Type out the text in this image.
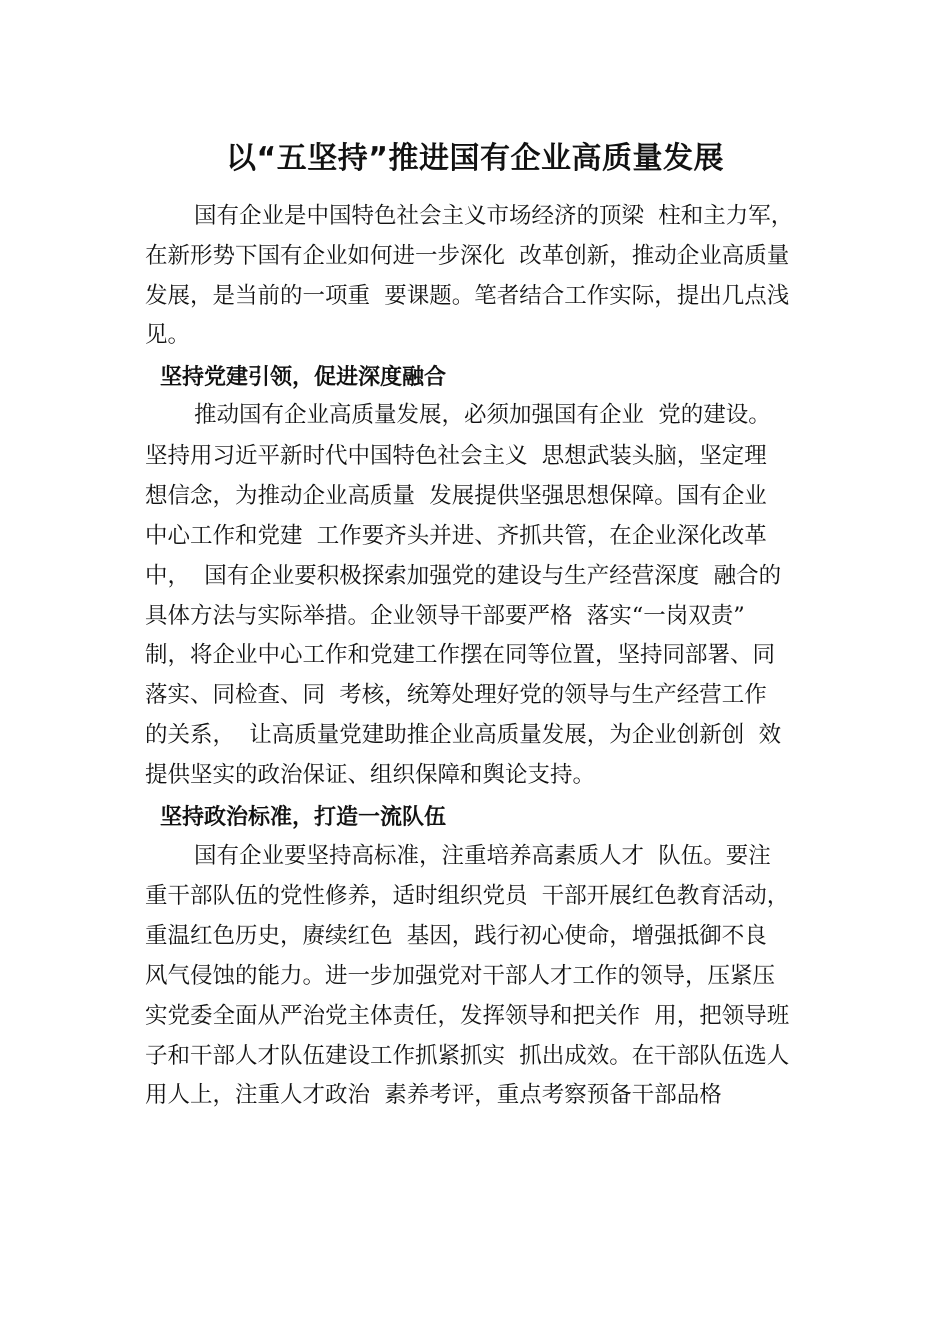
以“五坚持”推进国有企业高质量发展

国有企业是中国特色社会主义市场经济的顶梁  柱和主力军，

在新形势下国有企业如何进一步深化  改革创新，推动企业高质量

发展，是当前的一项重  要课题。笔者结合工作实际，提出几点浅

见。

坚持党建引领，促进深度融合

推动国有企业高质量发展，必须加强国有企业  党的建设。

坚持用习近平新时代中国特色社会主义  思想武装头脑，坚定理

想信念，为推动企业高质量  发展提供坚强思想保障。国有企业

中心工作和党建  工作要齐头并进、齐抓共管，在企业深化改革

中，  国有企业要积极探索加强党的建设与生产经营深度  融合的

具体方法与实际举措。企业领导干部要严格  落实“一岗双责”

制，将企业中心工作和党建工作摆在同等位置，坚持同部署、同

落实、同检查、同  考核，统筹处理好党的领导与生产经营工作

的关系，  让高质量党建助推企业高质量发展，为企业创新创  效

提供坚实的政治保证、组织保障和舆论支持。

坚持政治标准，打造一流队伍

国有企业要坚持高标准，注重培养高素质人才  队伍。要注

重干部队伍的党性修养，适时组织党员  干部开展红色教育活动，

重温红色历史，赓续红色  基因，践行初心使命，增强抵御不良

风气侵蚀的能力。进一步加强党对干部人才工作的领导，压紧压

实党委全面从严治党主体责任，发挥领导和把关作  用，把领导班

子和干部人才队伍建设工作抓紧抓实  抓出成效。在干部队伍选人

用人上，注重人才政治  素养考评，重点考察预备干部品格
